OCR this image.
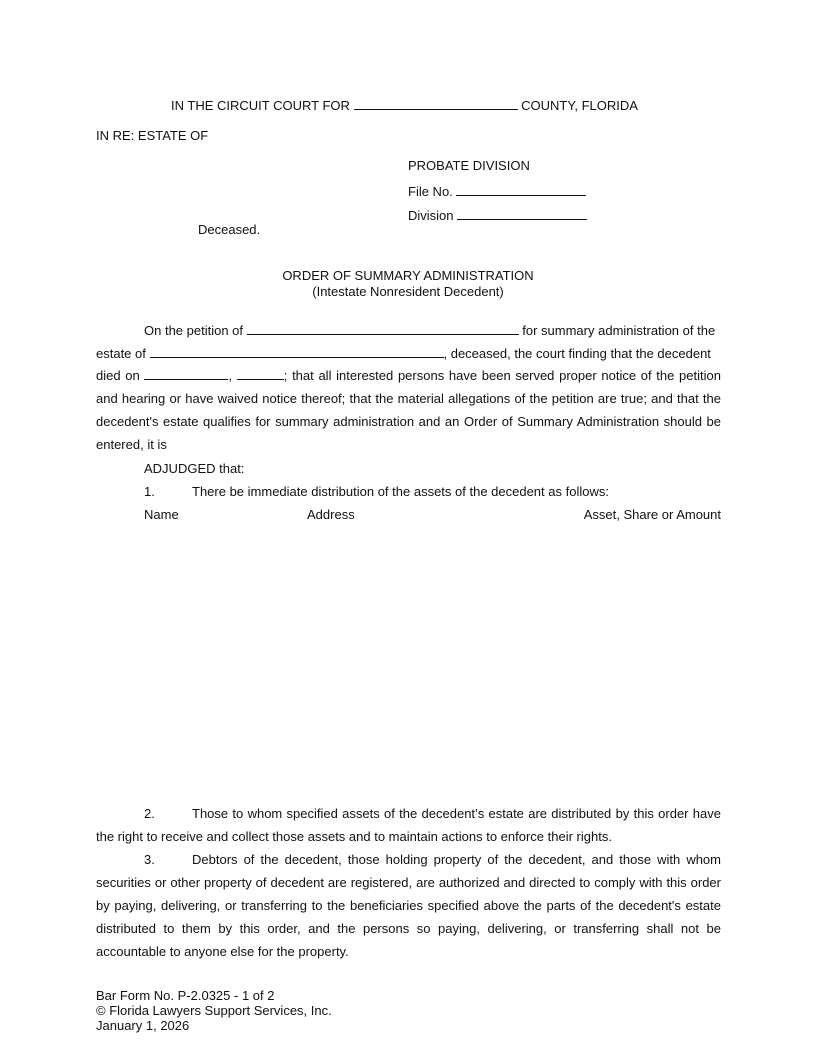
IN THE CIRCUIT COURT FOR	COUNTY, FLORIDA
IN RE: ESTATE OF
PROBATE DIVISION
File No.
Division
Deceased.
ORDER OF SUMMARY ADMINISTRATION
(Intestate Nonresident Decedent)
On the petition of	for summary administration of the
estate of	, deceased, the court finding that the decedent
died on	,	; that all interested persons have been served proper notice of the petition and hearing or have waived notice thereof; that the material allegations of the petition are true; and that the decedent's estate qualifies for summary administration and an Order of Summary Administration should be entered, it is
ADJUDGED that:
1.	There be immediate distribution of the assets of the decedent as follows:
Name	Address	Asset, Share or Amount
2.	Those to whom specified assets of the decedent’s estate are distributed by this order have the right to receive and collect those assets and to maintain actions to enforce their rights.
3.	Debtors of the decedent, those holding property of the decedent, and those with whom securities or other property of decedent are registered, are authorized and directed to comply with this order by paying, delivering, or transferring to the beneficiaries specified above the parts of the decedent's estate distributed to them by this order, and the persons so paying, delivering, or transferring shall not be accountable to anyone else for the property.
Bar Form No. P-2.0325 - 1 of 2
© Florida Lawyers Support Services, Inc.
January 1, 2026
